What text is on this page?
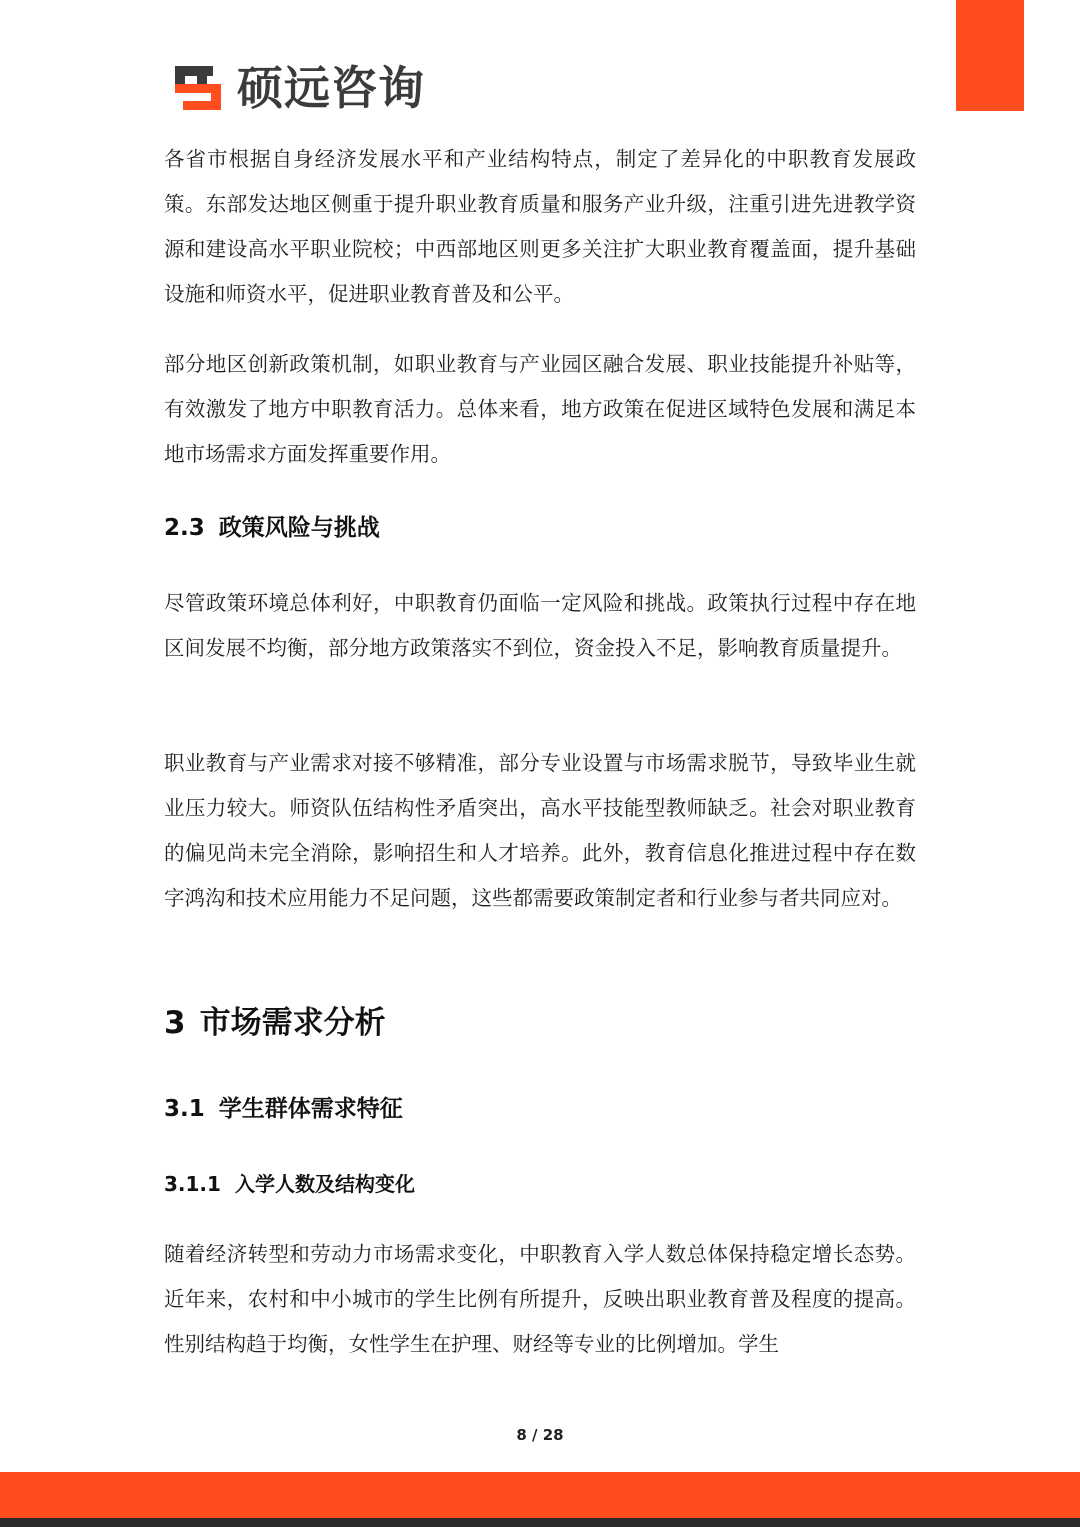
硕远咨询

各省市根据自身经济发展水平和产业结构特点，制定了差异化的中职教育发展政策。东部发达地区侧重于提升职业教育质量和服务产业升级，注重引进先进教学资源和建设高水平职业院校；中西部地区则更多关注扩大职业教育覆盖面，提升基础设施和师资水平，促进职业教育普及和公平。

部分地区创新政策机制，如职业教育与产业园区融合发展、职业技能提升补贴等，有效激发了地方中职教育活力。总体来看，地方政策在促进区域特色发展和满足本地市场需求方面发挥重要作用。

2.3 政策风险与挑战

尽管政策环境总体利好，中职教育仍面临一定风险和挑战。政策执行过程中存在地区间发展不均衡，部分地方政策落实不到位，资金投入不足，影响教育质量提升。

职业教育与产业需求对接不够精准，部分专业设置与市场需求脱节，导致毕业生就业压力较大。师资队伍结构性矛盾突出，高水平技能型教师缺乏。社会对职业教育的偏见尚未完全消除，影响招生和人才培养。此外，教育信息化推进过程中存在数字鸿沟和技术应用能力不足问题，这些都需要政策制定者和行业参与者共同应对。

3 市场需求分析
3.1 学生群体需求特征
3.1.1 入学人数及结构变化

随着经济转型和劳动力市场需求变化，中职教育入学人数总体保持稳定增长态势。近年来，农村和中小城市的学生比例有所提升，反映出职业教育普及程度的提高。性别结构趋于均衡，女性学生在护理、财经等专业的比例增加。学生

8 / 28
